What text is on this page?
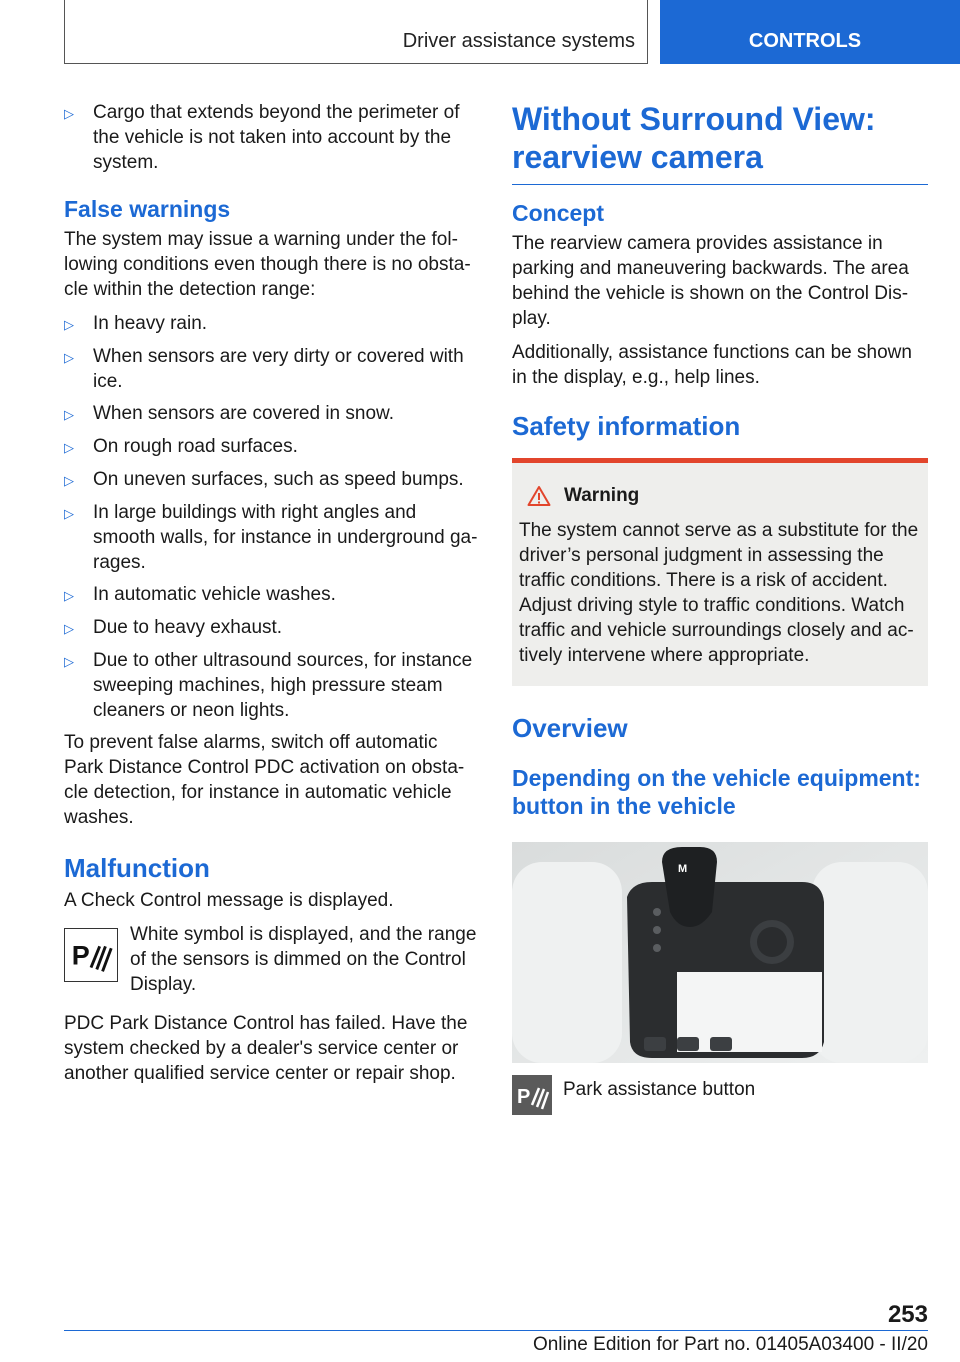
Driver assistance systems	CONTROLS
▷	Cargo that extends beyond the perimeter of the vehicle is not taken into account by the system.
False warnings

The system may issue a warning under the fol-lowing conditions even though there is no obsta-cle within the detection range:

▷	In heavy rain.
▷	When sensors are very dirty or covered with ice.
▷	When sensors are covered in snow.
▷	On rough road surfaces.
▷	On uneven surfaces, such as speed bumps.
▷	In large buildings with right angles and smooth walls, for instance in underground ga-rages.
▷	In automatic vehicle washes.
▷	Due to heavy exhaust.
▷	Due to other ultrasound sources, for instance sweeping machines, high pressure steam cleaners or neon lights.

To prevent false alarms, switch off automatic Park Distance Control PDC activation on obsta-cle detection, for instance in automatic vehicle washes.

Malfunction

A Check Control message is displayed.

P
White symbol is displayed, and the range of the sensors is dimmed on the Control Display.

PDC Park Distance Control has failed. Have the system checked by a dealer's service center or another qualified service center or repair shop.

Without Surround View: rearview camera
Concept

The rearview camera provides assistance in parking and maneuvering backwards. The area behind the vehicle is shown on the Control Dis-play.

Additionally, assistance functions can be shown in the display, e.g., help lines.

Safety information
Warning
The system cannot serve as a substitute for the driver’s personal judgment in assessing the traffic conditions. There is a risk of accident. Adjust driving style to traffic conditions. Watch traffic and vehicle surroundings closely and ac-tively intervene where appropriate.
Overview
Depending on the vehicle equipment: button in the vehicle
M
P Park assistance button
253
Online Edition for Part no. 01405A03400 - II/20
